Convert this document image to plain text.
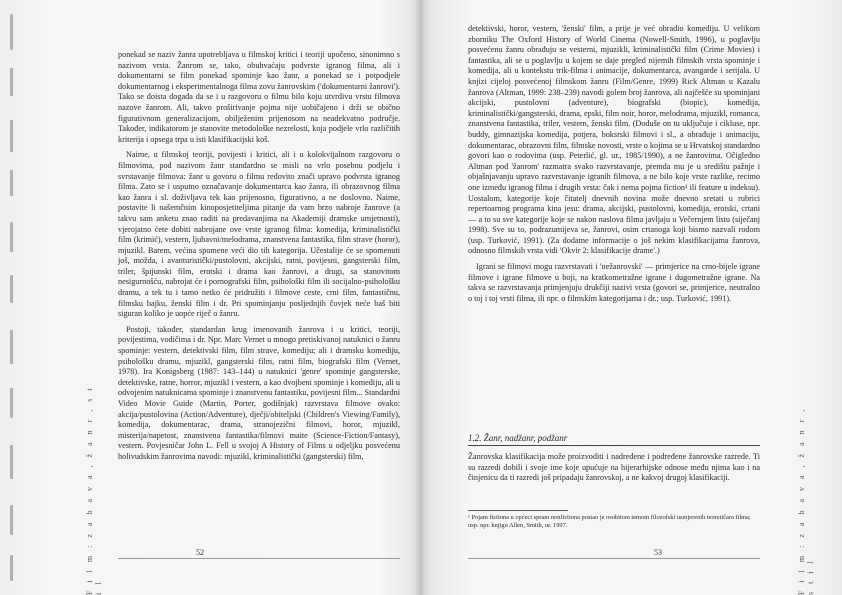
ponekad se naziv žanra upotrebljava u filmskoj kritici i teoriji upočeno, sinonimno s nazivom vrsta. Žanrom se, tako, obuhvaćaju podvrste igranog filma, ali i dokumentarni se film ponekad spominje kao žanr, a ponekad se i potpodjele dokumentarnog i eksperimentalnoga filma zovu žanrovskim ('dokumentarni žanrovi'). Tako se doista događa da se i u razgovoru o filmu bilo koju utvrdivu vrstu filmova nazove žanrom. Ali, takvo proširivanje pojma nije uobičajeno i drži se obično figurativnom generalizacijom, obilježenim prijenosom na neadekvatno područje. Također, indikatorom je stanovite metodološke nezrelosti, koja podjele vrlo različitih kriterija i opsega trpa u isti klasifikacijski koš.

Naime, u filmskoj teoriji, povijesti i kritici, ali i u kolokvijalnom razgovoru o filmovima, pod nazivom žanr standardno se misli na vrlo posebnu podjelu i svrstavanje filmova: žanr u govoru o filmu redovito znači upravo podvrsta igranog filma. Zato se i usputno označavanje dokumentarca kao žanra, ili obrazovnog filma kao žanra i sl. doživljava tek kao prijenosno, figurativno, a ne doslovno. Naime, postavite li našemčnim kinoposjetiteljima pitanje da vam brzo nabroje žanrove (a takvu sam anketu znao raditi na predavanjima na Akademiji dramske umjetnosti), vjerojatno ćete dobiti nabrojane ove vrste igranog filma: komedija, kriminalistički film (krimić), vestern, ljubavni/melodrama, znanstvena fantastika, film strave (horor), mjuzikl. Barem, većina spomene veći dio tih kategorija. Učestalije će se spomenuti još, možda, i avanturistički/pustolovni, akcijski, ratni, povijesni, gangsterski film, triler, špijunski film, erotski i drama kao žanrovi, a drugi, sa stanovitom nesigurnošću, nabrojat će i pornografski film, psihološki film ili socijalno-psihološku dramu, a tek tu i tamo netko će pridružiti i filmove ceste, crni film, fantastičnu, filmsku bajku, ženski film i dr. Pri spominjanju posljednjih čovjek neće baš biti siguran koliko je uopće riječ o žanru.

Postoji, također, standardan krug imenovanih žanrova i u kritici, teoriji, povijestima, vodičima i dr. Npr. Marc Vernet u mnogo pretiskivanoj natuknici o žanru spominje: vestern, detektivski film, film strave, komediju; ali i dramsku komediju, psihološku dramu, mjuzikl, gangsterski film, ratni film, biografski film (Vernet, 1978). Ira Konigsberg (1987: 143–144) u natuknici 'genre' spominje gangsterske, detektivske, ratne, horror, mjuzikl i vestern, a kao dvojbeni spominje i komediju, ali u odvojenim natuknicama spominje i znanstvenu fantastiku, povijesni film... Standardni Video Movie Guide (Martin, Porter, godišnjak) razvrstava filmove ovako: akcija/pustolovina (Action/Adventure), dječji/obiteljski (Children's Viewing/Family), komedija, dokumentarac, drama, stranojezični filmovi, horor, mjuzikl, misterija/napetost, znanstvena fantastika/filmovi maite (Science-Fiction/Fantasy), vestern. Povjesničar John L. Fell u svojoj A History of Films u odjeljku posvećenu holivudskim žanrovima navodi: mjuzikl, kriminalistički (gangsterski) film,

F i l m : z a b a v a , ž a n r , s t i l
52

detektivski, horor, vestern, 'ženski' film, a prije je već obradio komediju. U velikom zborniku The Oxford History of World Cinema (Nowell-Smith, 1996), u poglavlju posvećenu žanru obrađuju se vesterni, mjuzikli, kriminalistički film (Crime Movies) i fantastika, ali se u poglavlju u kojem se daje pregled nijemih filmskih vrsta spominje i komedija, ali u kontekstu trik-filma i animacije, dokumentarca, avangarde i serijala. U knjizi cijeloj posvećenoj filmskom žanru (Film/Genre, 1999) Rick Altman u Kazalu žanrova (Altman, 1999: 238–239) navodi golem broj žanrova, ali najčešće su spominjani akcijski, pustolovni (adventure), biografski (biopic), komedija, kriminalistički/gangsterski, drama, epski, film noir, horor, melodrama, mjuzikl, romanca, znanstvena fantastika, triler, vestern, ženski film. (Doduše on tu uključuje i cikluse, npr. buddy, gimnazijska komedija, potjera, boksrski filmovi i sl., a obrađuje i animaciju, dokumentarac, obrazovni film, filmske novosti, vrste o kojima se u Hrvatskoj standardno govori kao o rodovima (usp. Peterlić, gl. ur., 1985/1990), a ne žanrovima. Očigledno Altman pod 'žanrom' razmatra svako razvrstavanje, premda mu je u središtu pažnje i objašnjavanju upravo razvrstavanje igranih filmova, a ne bilo koje vrste razlike, recimo one između igranog filma i drugih vrsta: čak i nema pojma fiction¹ ili feature u indeksu). Uostalom, kategorije koje čitatelj dnevnih novina može dnevno sretati u rubrici repertoarnog programa kina jesu: drama, akcijski, pustolovni, komedija, erotski, crtani — a to su sve kategorije koje se nakon naslova filma javljaju u Večernjem listu (siječanj 1998). Sve su to, podrazumijeva se, žanrovi, osim crtanoga koji bismo nazvali rodom (usp. Turković, 1991). (Za dodatne informacije o još nekim klasifikacijama žanrova, odnosno filmskih vrsta vidi 'Okvir 2: klasifikacije drame'.)

Igrani se filmovi mogu razvrstavati i 'nežanrovski' — primjerice na crno-bijele igrane filmove i igrane filmove u boji, na kratkometražne igrane i dugometražne igrane. Na takva se razvrstavanja primjenjuju drukčiji nazivi vrsta (govori se, primjerice, neutralno o toj i toj vrsti filma, ili npr. o filmskim kategorijama i dr.; usp. Turković, 1991).

1.2. Žanr, nadžanr, podžanr
Žanrovska klasifikacija može proizvoditi i nadređene i podređene žanrovske razrede. Ti su razredi dobili i svoje ime koje upućuje na hijerarhijske odnose među njima kao i na činjenicu da ti razredi još pripadaju žanrovskoj, a ne kakvoj drugoj klasifikaciji.
¹ Pojam fictiona u općeci spram nonfictiona postao je osobitom temom filozofski usmjerenih teoretičara filma; usp. npr. knjigu Allen, Smith, ur. 1997.	F i l m : z a b a v a , ž a n r , s t i l
53
